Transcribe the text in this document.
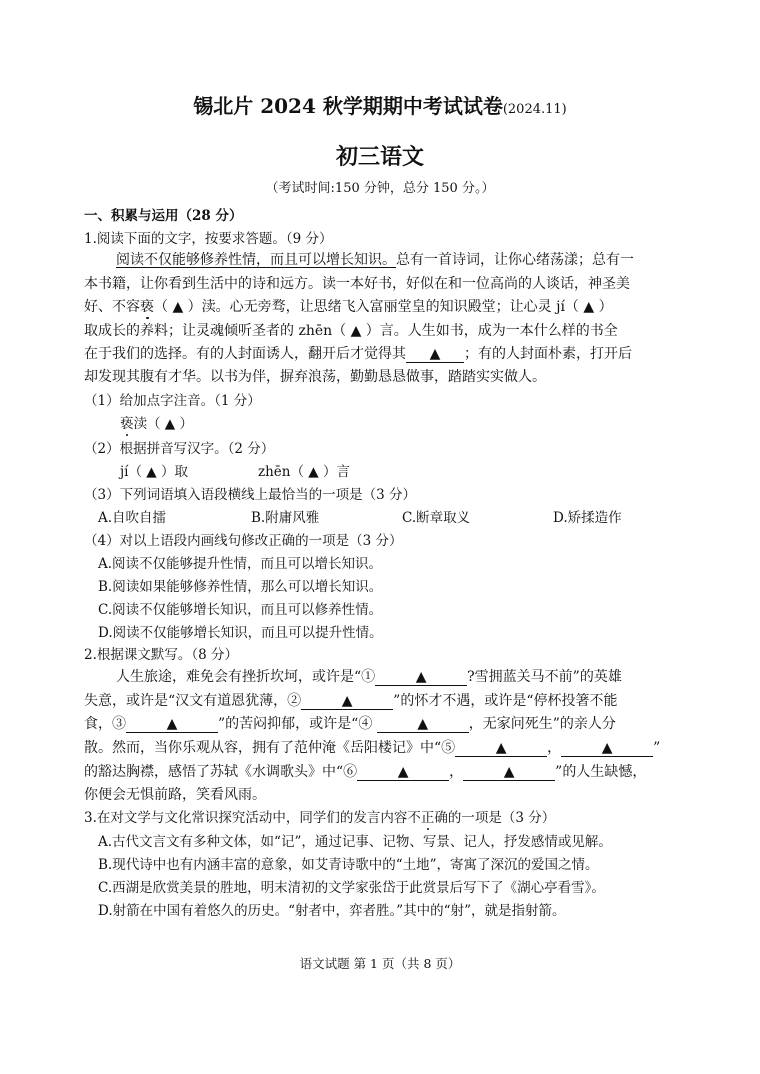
锡北片 2024 秋学期期中考试试卷(2024.11)
初三语文
（考试时间:150 分钟，总分 150 分。）
一、积累与运用（28 分）
1.阅读下面的文字，按要求答题。（9 分）
阅读不仅能够修养性情，而且可以增长知识。总有一首诗词，让你心绪荡漾；总有一
本书籍，让你看到生活中的诗和远方。读一本好书，好似在和一位高尚的人谈话，神圣美
好、不容亵（ ▲ ）渎。心无旁骛，让思绪飞入富丽堂皇的知识殿堂；让心灵 jí（ ▲ ）
取成长的养料；让灵魂倾听圣者的 zhēn（ ▲ ）言。人生如书，成为一本什么样的书全
在于我们的选择。有的人封面诱人，翻开后才觉得其 ▲ ；有的人封面朴素，打开后
却发现其腹有才华。以书为伴，摒弃浪荡，勤勤恳恳做事，踏踏实实做人。
（1）给加点字注音。（1 分）
亵渎（ ▲ ）
（2）根据拼音写汉字。（2 分）
jí（ ▲ ）取	zhēn（ ▲ ）言
（3）下列词语填入语段横线上最恰当的一项是（3 分）
A.自吹自擂	B.附庸风雅	C.断章取义	D.矫揉造作
（4）对以上语段内画线句修改正确的一项是（3 分）
A.阅读不仅能够提升性情，而且可以增长知识。
B.阅读如果能够修养性情，那么可以增长知识。
C.阅读不仅能够增长知识，而且可以修养性情。
D.阅读不仅能够增长知识，而且可以提升性情。
2.根据课文默写。（8 分）
人生旅途，难免会有挫折坎坷，或许是“①	▲	?雪拥蓝关马不前”的英雄
失意，或许是“汉文有道恩犹薄，②	▲	”的怀才不遇，或许是“停杯投箸不能
食，③	▲	”的苦闷抑郁，或许是“④	▲	，无家问死生”的亲人分
散。然而，当你乐观从容，拥有了范仲淹《岳阳楼记》中“⑤	▲	，	▲	”
的豁达胸襟，感悟了苏轼《水调歌头》中“⑥	▲	，	▲	”的人生缺憾，
你便会无惧前路，笑看风雨。
3.在对文学与文化常识探究活动中，同学们的发言内容不正确的一项是（3 分）
A.古代文言文有多种文体，如“记”，通过记事、记物、写景、记人，抒发感情或见解。
B.现代诗中也有内涵丰富的意象，如艾青诗歌中的“土地”，寄寓了深沉的爱国之情。
C.西湖是欣赏美景的胜地，明末清初的文学家张岱于此赏景后写下了《湖心亭看雪》。
D.射箭在中国有着悠久的历史。“射者中，弈者胜。”其中的“射”，就是指射箭。
语文试题 第 1 页（共 8 页）
